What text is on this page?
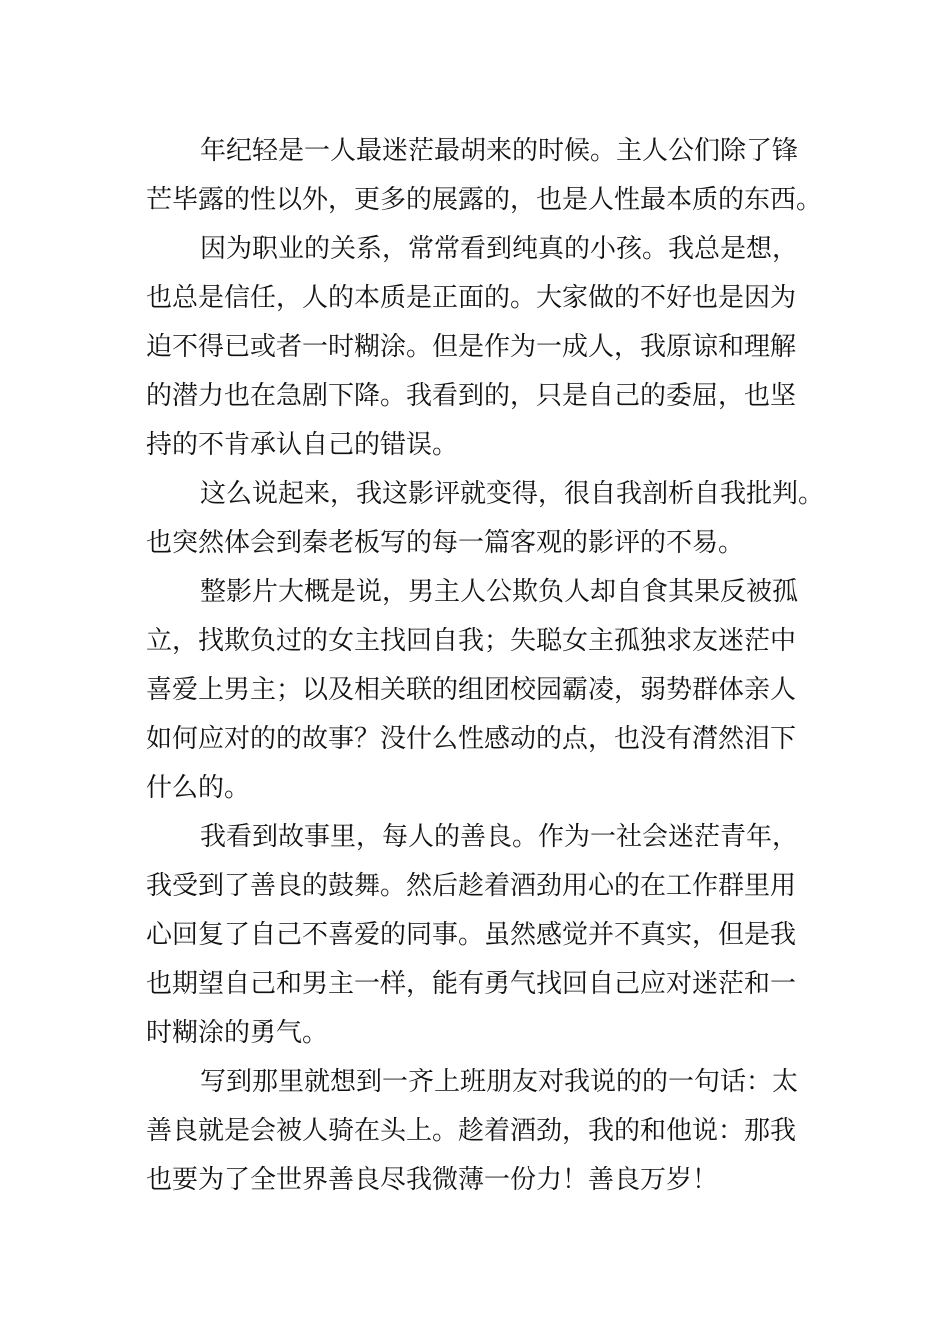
年纪轻是一人最迷茫最胡来的时候。主人公们除了锋
芒毕露的性以外，更多的展露的，也是人性最本质的东西。

因为职业的关系，常常看到纯真的小孩。我总是想，
也总是信任，人的本质是正面的。大家做的不好也是因为
迫不得已或者一时糊涂。但是作为一成人，我原谅和理解
的潜力也在急剧下降。我看到的，只是自己的委屈，也坚
持的不肯承认自己的错误。

这么说起来，我这影评就变得，很自我剖析自我批判。
也突然体会到秦老板写的每一篇客观的影评的不易。

整影片大概是说，男主人公欺负人却自食其果反被孤
立，找欺负过的女主找回自我；失聪女主孤独求友迷茫中
喜爱上男主；以及相关联的组团校园霸凌，弱势群体亲人
如何应对的的故事？没什么性感动的点，也没有潸然泪下
什么的。

我看到故事里，每人的善良。作为一社会迷茫青年，
我受到了善良的鼓舞。然后趁着酒劲用心的在工作群里用
心回复了自己不喜爱的同事。虽然感觉并不真实，但是我
也期望自己和男主一样，能有勇气找回自己应对迷茫和一
时糊涂的勇气。

写到那里就想到一齐上班朋友对我说的的一句话：太
善良就是会被人骑在头上。趁着酒劲，我的和他说：那我
也要为了全世界善良尽我微薄一份力！善良万岁！
